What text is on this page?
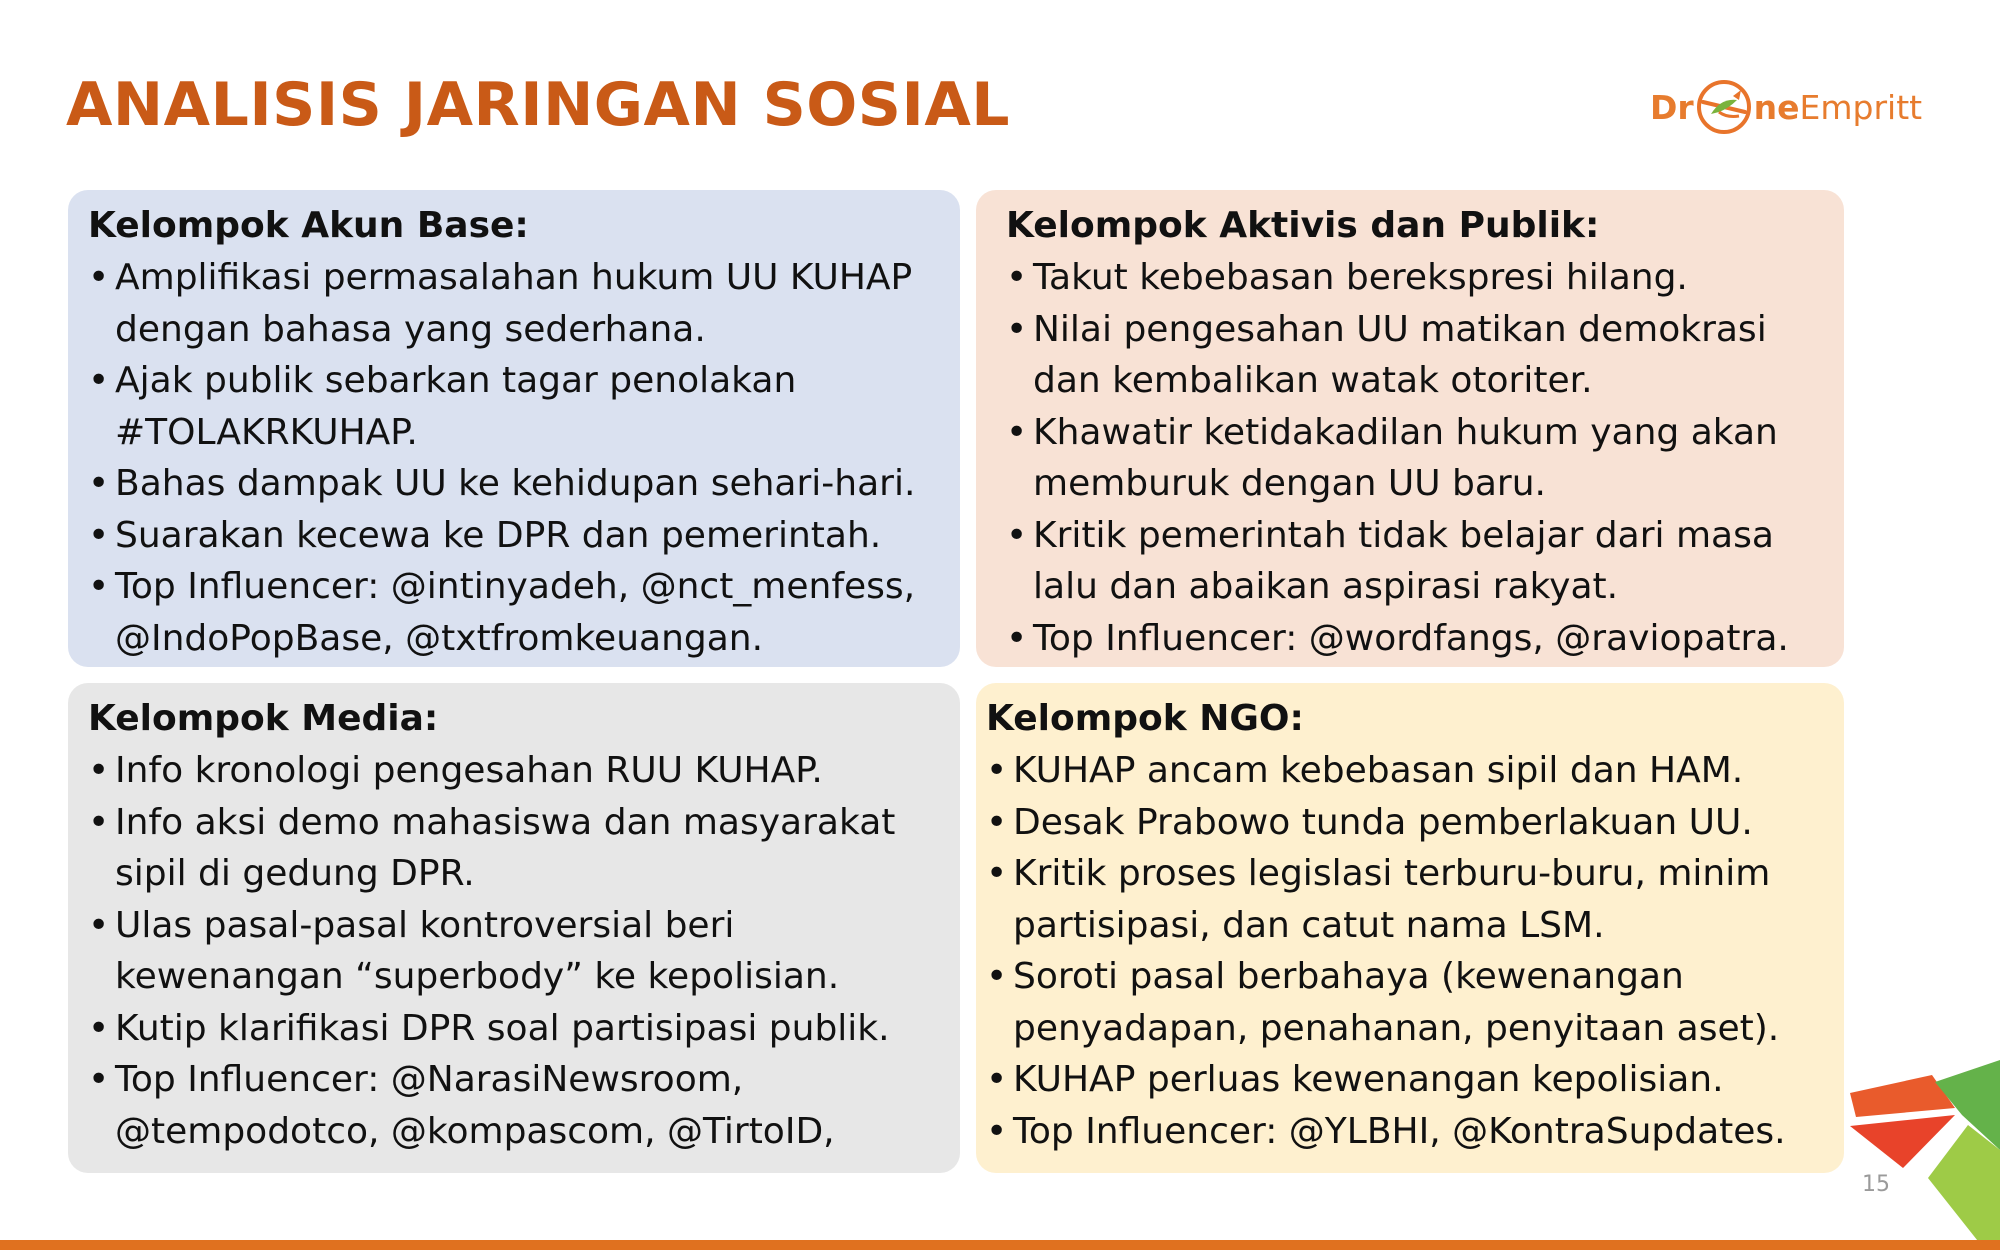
ANALISIS JARINGAN SOSIAL	Dr ne Empritt
Kelompok Akun Base:
• Amplifikasi permasalahan hukum UU KUHAP dengan bahasa yang sederhana.
• Ajak publik sebarkan tagar penolakan #TOLAKRKUHAP.
• Bahas dampak UU ke kehidupan sehari-hari.
• Suarakan kecewa ke DPR dan pemerintah.
• Top Influencer: @intinyadeh, @nct_menfess, @IndoPopBase, @txtfromkeuangan.
Kelompok Aktivis dan Publik:
• Takut kebebasan berekspresi hilang.
• Nilai pengesahan UU matikan demokrasi dan kembalikan watak otoriter.
• Khawatir ketidakadilan hukum yang akan memburuk dengan UU baru.
• Kritik pemerintah tidak belajar dari masa lalu dan abaikan aspirasi rakyat.
• Top Influencer: @wordfangs, @raviopatra.
Kelompok Media:
• Info kronologi pengesahan RUU KUHAP.
• Info aksi demo mahasiswa dan masyarakat sipil di gedung DPR.
• Ulas pasal-pasal kontroversial beri kewenangan “superbody” ke kepolisian.
• Kutip klarifikasi DPR soal partisipasi publik.
• Top Influencer: @NarasiNewsroom, @tempodotco, @kompascom, @TirtoID,
Kelompok NGO:
• KUHAP ancam kebebasan sipil dan HAM.
• Desak Prabowo tunda pemberlakuan UU.
• Kritik proses legislasi terburu-buru, minim partisipasi, dan catut nama LSM.
• Soroti pasal berbahaya (kewenangan penyadapan, penahanan, penyitaan aset).
• KUHAP perluas kewenangan kepolisian.
• Top Influencer: @YLBHI, @KontraSupdates.
15
